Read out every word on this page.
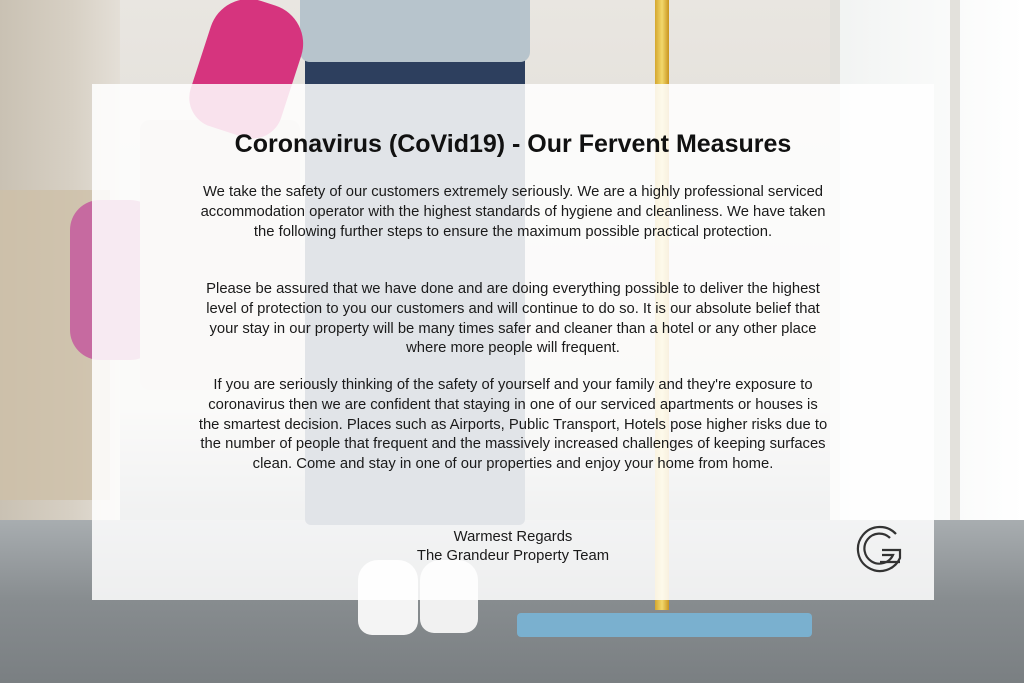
Coronavirus (CoVid19) - Our Fervent Measures

We take the safety of our customers extremely seriously. We are a highly professional serviced accommodation operator with the highest standards of hygiene and cleanliness. We have taken the following further steps to ensure the maximum possible practical protection.

Please be assured that we have done and are doing everything possible to deliver the highest level of protection to you our customers and will continue to do so. It is our absolute belief that your stay in our property will be many times safer and cleaner than a hotel or any other place where more people will frequent.

If you are seriously thinking of the safety of yourself and your family and they're exposure to coronavirus then we are confident that staying in one of our serviced apartments or houses is the smartest decision. Places such as Airports, Public Transport, Hotels pose higher risks due to the number of people that frequent and the massively increased challenges of keeping surfaces clean. Come and stay in one of our properties and enjoy your home from home.

Warmest Regards

The Grandeur Property Team
